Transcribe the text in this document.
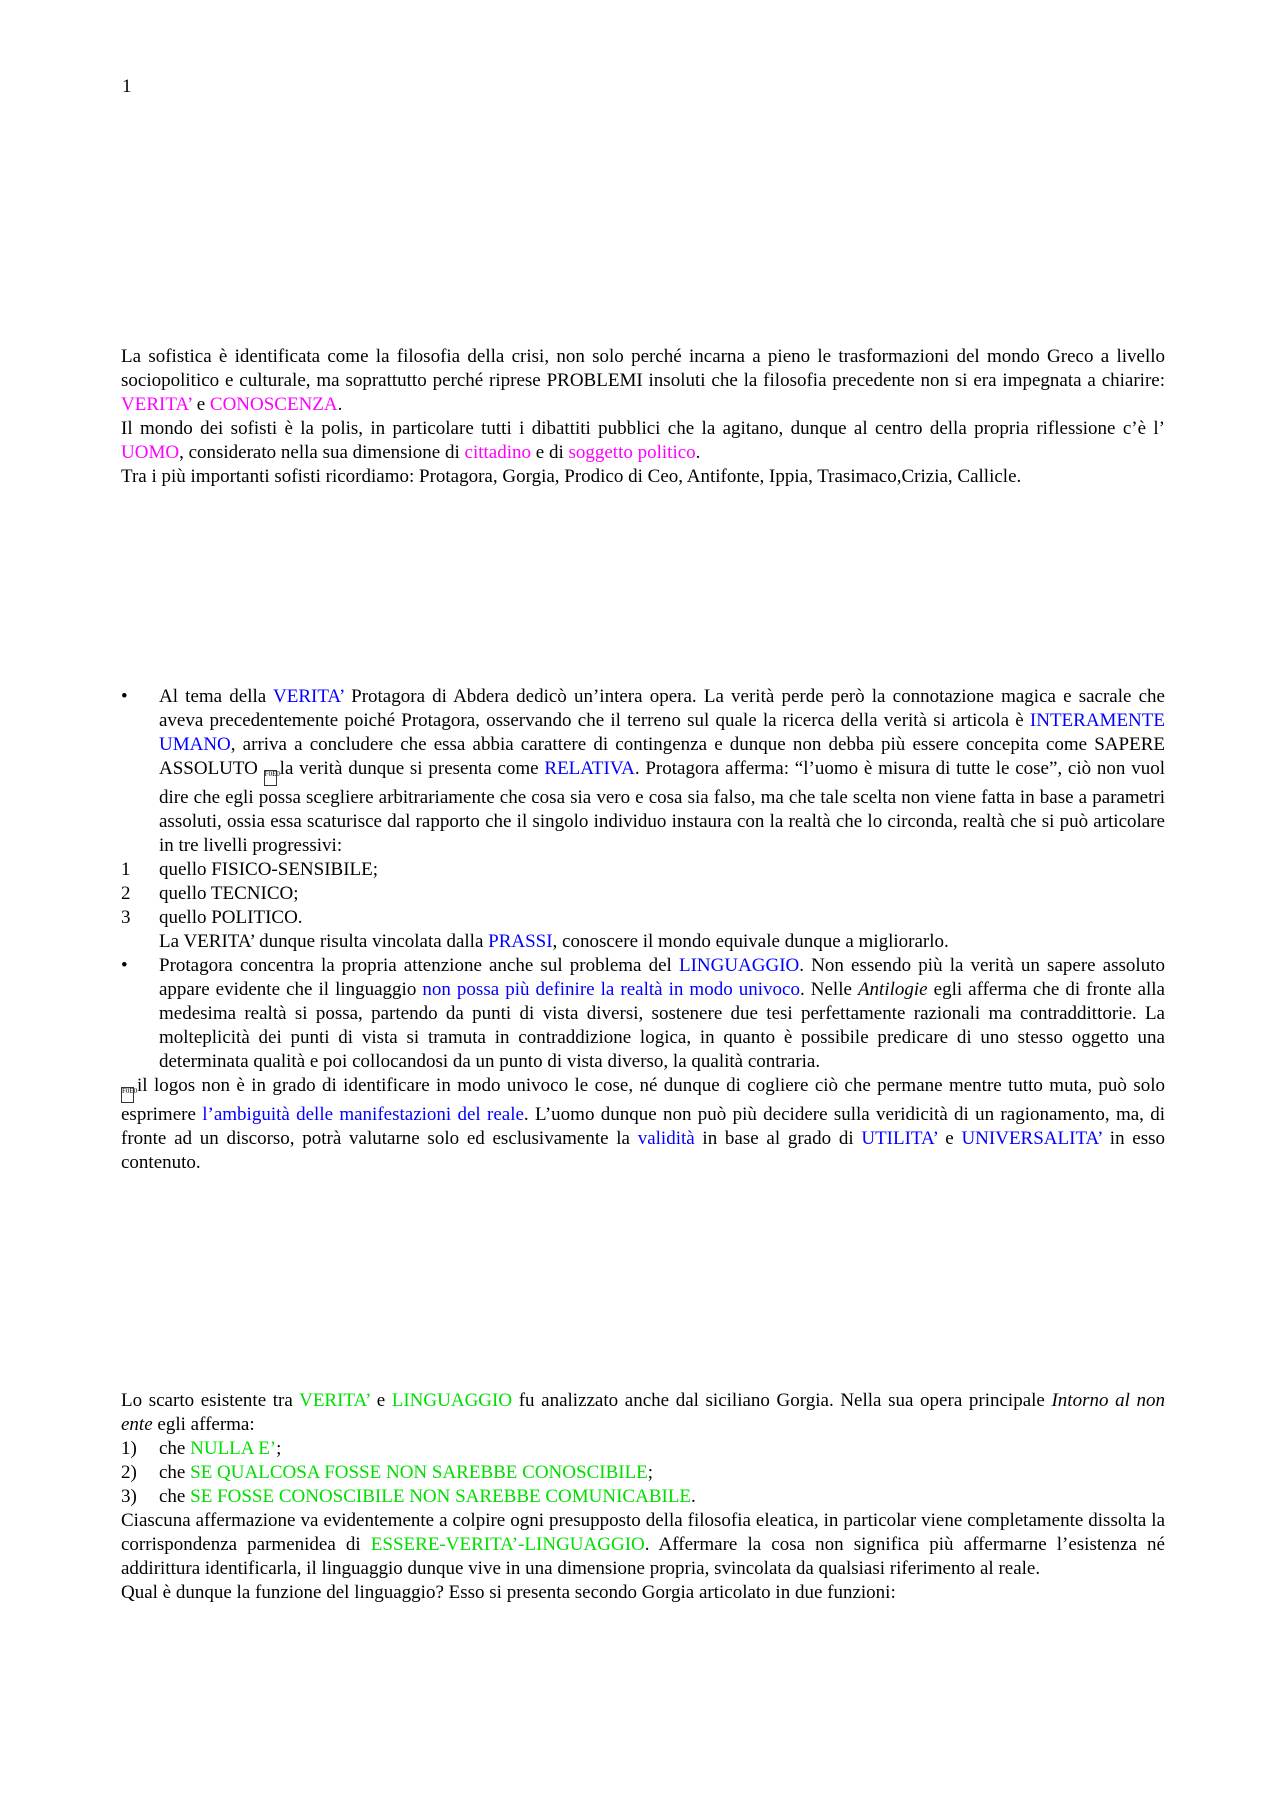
1

La sofistica è identificata come la filosofia della crisi, non solo perché incarna a pieno le trasformazioni del mondo Greco a livello sociopolitico e culturale, ma soprattutto perché riprese PROBLEMI insoluti che la filosofia precedente non si era impegnata a chiarire: VERITA’ e CONOSCENZA.

Il mondo dei sofisti è la polis, in particolare tutti i dibattiti pubblici che la agitano, dunque al centro della propria riflessione c’è l’ UOMO, considerato nella sua dimensione di cittadino e di soggetto politico.

Tra i più importanti sofisti ricordiamo: Protagora, Gorgia, Prodico di Ceo, Antifonte, Ippia, Trasimaco,Crizia, Callicle.

• Al tema della VERITA’ Protagora di Abdera dedicò un’intera opera. La verità perde però la connotazione magica e sacrale che aveva precedentemente poiché Protagora, osservando che il terreno sul quale la ricerca della verità si articola è INTERAMENTE UMANO, arriva a concludere che essa abbia carattere di contingenza e dunque non debba più essere concepita come SAPERE ASSOLUTO F0E0la verità dunque si presenta come RELATIVA. Protagora afferma: “l’uomo è misura di tutte le cose”, ciò non vuol dire che egli possa scegliere arbitrariamente che cosa sia vero e cosa sia falso, ma che tale scelta non viene fatta in base a parametri assoluti, ossia essa scaturisce dal rapporto che il singolo individuo instaura con la realtà che lo circonda, realtà che si può articolare in tre livelli progressivi:
1 quello FISICO-SENSIBILE;
2 quello TECNICO;
3 quello POLITICO.
La VERITA’ dunque risulta vincolata dalla PRASSI, conoscere il mondo equivale dunque a migliorarlo.
• Protagora concentra la propria attenzione anche sul problema del LINGUAGGIO. Non essendo più la verità un sapere assoluto appare evidente che il linguaggio non possa più definire la realtà in modo univoco. Nelle Antilogie egli afferma che di fronte alla medesima realtà si possa, partendo da punti di vista diversi, sostenere due tesi perfettamente razionali ma contraddittorie. La molteplicità dei punti di vista si tramuta in contraddizione logica, in quanto è possibile predicare di uno stesso oggetto una determinata qualità e poi collocandosi da un punto di vista diverso, la qualità contraria.

F0E0il logos non è in grado di identificare in modo univoco le cose, né dunque di cogliere ciò che permane mentre tutto muta, può solo esprimere l’ambiguità delle manifestazioni del reale. L’uomo dunque non può più decidere sulla veridicità di un ragionamento, ma, di fronte ad un discorso, potrà valutarne solo ed esclusivamente la validità in base al grado di UTILITA’ e UNIVERSALITA’ in esso contenuto.

Lo scarto esistente tra VERITA’ e LINGUAGGIO fu analizzato anche dal siciliano Gorgia. Nella sua opera principale Intorno al non ente egli afferma:

1) che NULLA E’;
2) che SE QUALCOSA FOSSE NON SAREBBE CONOSCIBILE;
3) che SE FOSSE CONOSCIBILE NON SAREBBE COMUNICABILE.

Ciascuna affermazione va evidentemente a colpire ogni presupposto della filosofia eleatica, in particolar viene completamente dissolta la corrispondenza parmenidea di ESSERE-VERITA’-LINGUAGGIO. Affermare la cosa non significa più affermarne l’esistenza né addirittura identificarla, il linguaggio dunque vive in una dimensione propria, svincolata da qualsiasi riferimento al reale.

Qual è dunque la funzione del linguaggio? Esso si presenta secondo Gorgia articolato in due funzioni:
